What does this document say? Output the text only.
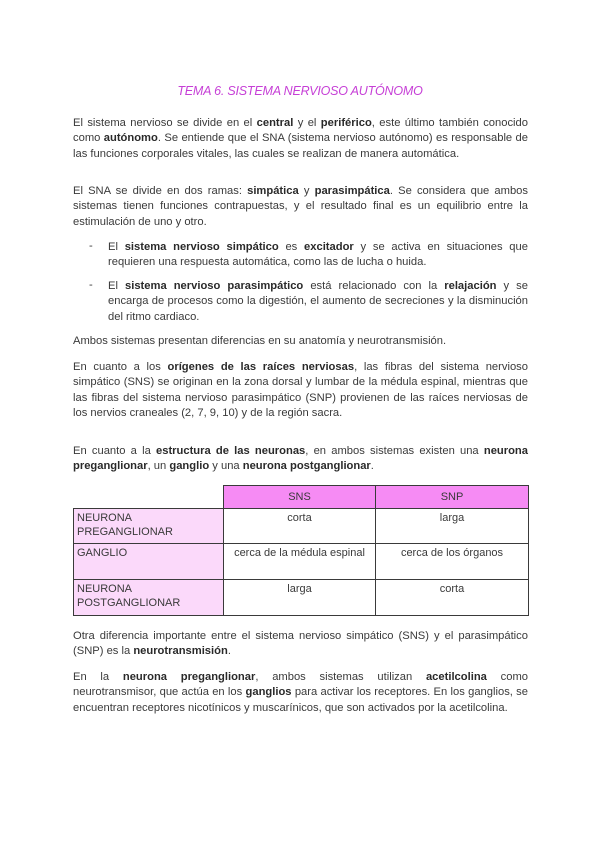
TEMA 6. SISTEMA NERVIOSO AUTÓNOMO

El sistema nervioso se divide en el central y el periférico, este último también conocido como autónomo. Se entiende que el SNA (sistema nervioso autónomo) es responsable de las funciones corporales vitales, las cuales se realizan de manera automática.

El SNA se divide en dos ramas: simpática y parasimpática. Se considera que ambos sistemas tienen funciones contrapuestas, y el resultado final es un equilibrio entre la estimulación de uno y otro.

- El sistema nervioso simpático es excitador y se activa en situaciones que requieren una respuesta automática, como las de lucha o huida.

- El sistema nervioso parasimpático está relacionado con la relajación y se encarga de procesos como la digestión, el aumento de secreciones y la disminución del ritmo cardiaco.

Ambos sistemas presentan diferencias en su anatomía y neurotransmisión.

En cuanto a los orígenes de las raíces nerviosas, las fibras del sistema nervioso simpático (SNS) se originan en la zona dorsal y lumbar de la médula espinal, mientras que las fibras del sistema nervioso parasimpático (SNP) provienen de las raíces nerviosas de los nervios craneales (2, 7, 9, 10) y de la región sacra.

En cuanto a la estructura de las neuronas, en ambos sistemas existen una neurona preganglionar, un ganglio y una neurona postganglionar.

	SNS	SNP
NEURONA PREGANGLIONAR	corta	larga
GANGLIO	cerca de la médula espinal	cerca de los órganos
NEURONA POSTGANGLIONAR	larga	corta

Otra diferencia importante entre el sistema nervioso simpático (SNS) y el parasimpático (SNP) es la neurotransmisión.

En la neurona preganglionar, ambos sistemas utilizan acetilcolina como neurotransmisor, que actúa en los ganglios para activar los receptores. En los ganglios, se encuentran receptores nicotínicos y muscarínicos, que son activados por la acetilcolina.
